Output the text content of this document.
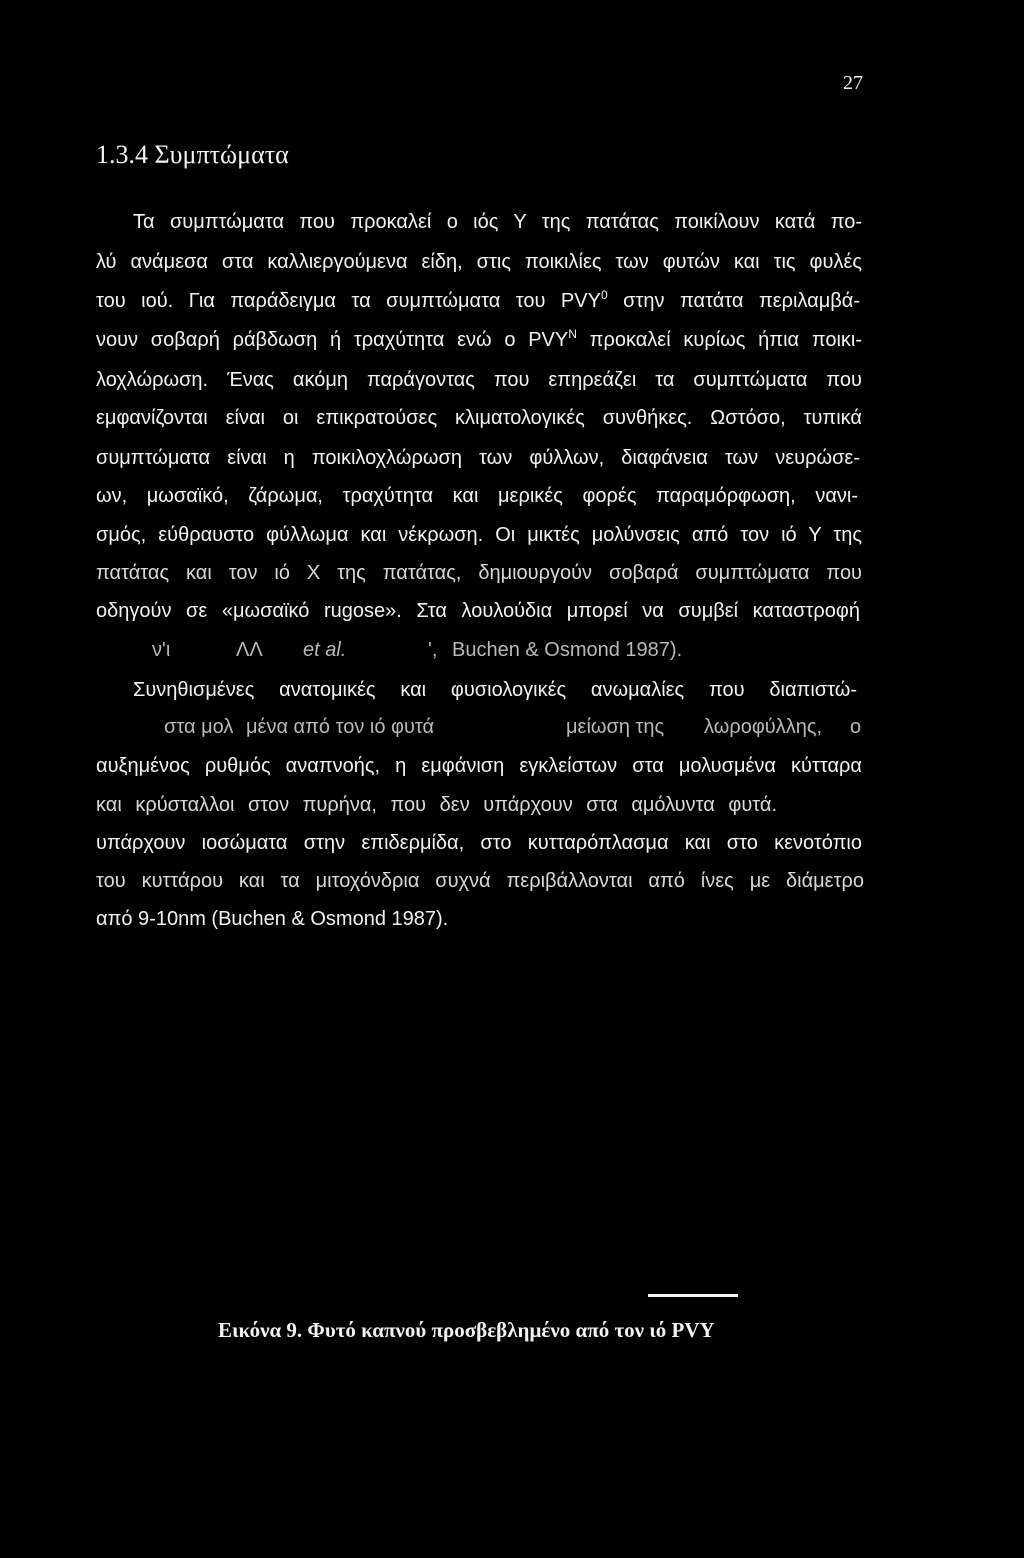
27
1.3.4 Συμπτώματα
Τα συμπτώματα που προκαλεί ο ιός Υ της πατάτας ποικίλουν κατά πο-
λύ ανάμεσα στα καλλιεργούμενα είδη, στις ποικιλίες των φυτών και τις φυλές
του ιού. Για παράδειγμα τα συμπτώματα του PVY$^0$ στην πατάτα περιλαμβά-
νουν σοβαρή ράβδωση ή τραχύτητα ενώ ο $PVY^N$ προκαλεί κυρίως ήπια ποικι-
λοχλώρωση. Ένας ακόμη παράγοντας που επηρεάζει τα συμπτώματα που
εμφανίζονται είναι οι επικρατούσες κλιματολογικές συνθήκες. Ωστόσο, τυπικά
συμπτώματα είναι η ποικιλοχλώρωση των φύλλων, διαφάνεια των νευρώσε-
ων, μωσαϊκό, ζάρωμα, τραχύτητα και μερικές φορές παραμόρφωση, νανι-
σμός, εύθραυστο φύλλωμα και νέκρωση. Οι μικτές μολύνσεις από τον ιό Υ της
πατάτας και τον ιό Χ της πατάτας, δημιουργούν σοβαρά συμπτώματα που
οδηγούν σε «μωσαϊκό rugose». Στα λουλούδια μπορεί να συμβεί καταστροφή
ν'ι	ΛΛ et al.	', Buchen & Osmond 1987).
Συνηθισμένες ανατομικές και φυσιολογικές ανωμαλίες που διαπιστώ-
στα μολ μένα από τον ιό φυτά	μείωση της λωροφύλλης, ο
αυξημένος ρυθμός αναπνοής, η εμφάνιση εγκλείστων στα μολυσμένα κύτταρα
και κρύσταλλοι στον πυρήνα, που δεν υπάρχουν στα αμόλυντα φυτά.
υπάρχουν ιοσώματα στην επιδερμίδα, στο κυτταρόπλασμα και στο κενοτόπιο
του κυττάρου και τα μιτοχόνδρια συχνά περιβάλλονται από ίνες με διάμετρο
από 9-10nm (Buchen & Osmond 1987).
Εικόνα 9. Φυτό καπνού προσβεβλημένο από τον ιό PVY
